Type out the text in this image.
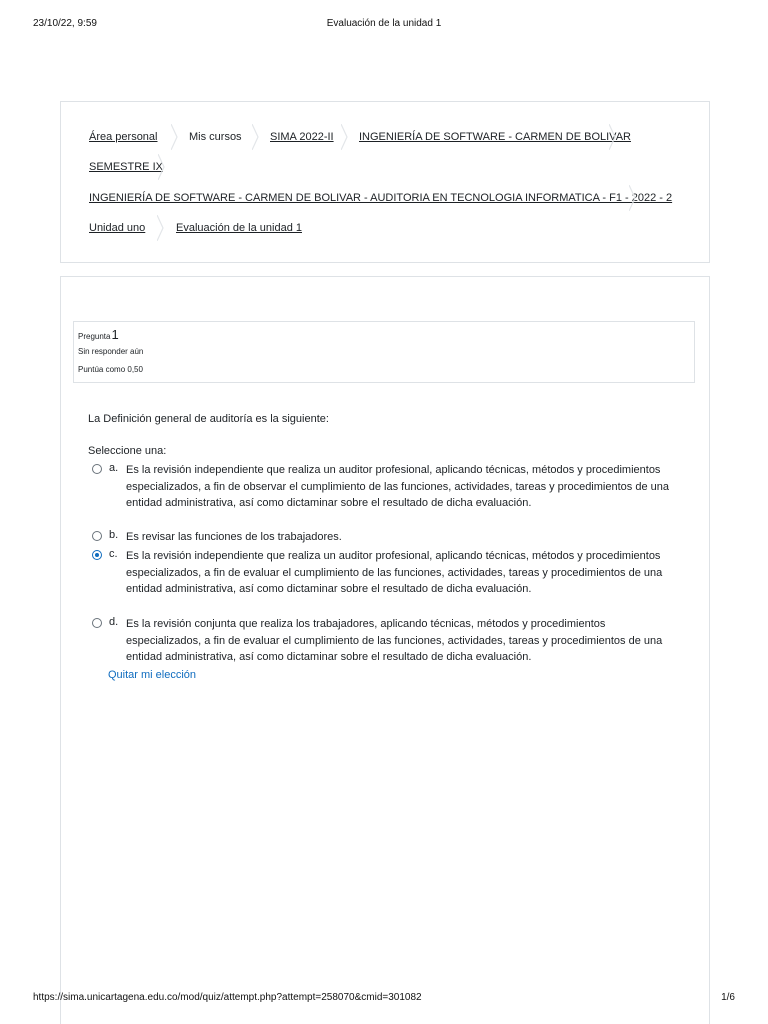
23/10/22, 9:59	Evaluación de la unidad 1
Área personal	Mis cursos	SIMA 2022-II INGENIERÍA DE SOFTWARE - CARMEN DE BOLIVAR
SEMESTRE IX
INGENIERÍA DE SOFTWARE - CARMEN DE BOLIVAR - AUDITORIA EN TECNOLOGIA INFORMATICA - F1 - 2022 - 2
Unidad uno	Evaluación de la unidad 1
Pregunta1
Sin responder aún
Puntúa como 0,50
La Definición general de auditoría es la siguiente:
Seleccione una:
a. Es la revisión independiente que realiza un auditor profesional, aplicando técnicas, métodos y procedimientos especializados, a fin de observar el cumplimiento de las funciones, actividades, tareas y procedimientos de una entidad administrativa, así como dictaminar sobre el resultado de dicha evaluación.
b. Es revisar las funciones de los trabajadores.
c. Es la revisión independiente que realiza un auditor profesional, aplicando técnicas, métodos y procedimientos especializados, a fin de evaluar el cumplimiento de las funciones, actividades, tareas y procedimientos de una entidad administrativa, así como dictaminar sobre el resultado de dicha evaluación.
d. Es la revisión conjunta que realiza los trabajadores, aplicando técnicas, métodos y procedimientos especializados, a fin de evaluar el cumplimiento de las funciones, actividades, tareas y procedimientos de una entidad administrativa, así como dictaminar sobre el resultado de dicha evaluación.
Quitar mi elección
https://sima.unicartagena.edu.co/mod/quiz/attempt.php?attempt=258070&cmid=301082	1/6
